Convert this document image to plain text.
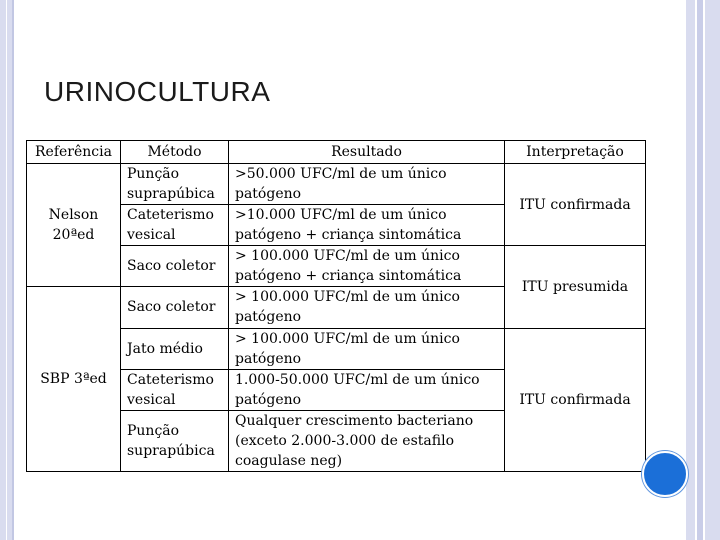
URINOCULTURA
Referência	Método	Resultado	Interpretação
Nelson 20ªed	Punção suprapúbica	>50.000 UFC/ml de um único patógeno	ITU confirmada
	Cateterismo vesical	>10.000 UFC/ml de um único patógeno + criança sintomática	
	Saco coletor	> 100.000 UFC/ml de um único patógeno + criança sintomática	ITU presumida
SBP 3ªed	Saco coletor	> 100.000 UFC/ml de um único patógeno	
	Jato médio	> 100.000 UFC/ml de um único patógeno	ITU confirmada
	Cateterismo vesical	1.000-50.000 UFC/ml de um único patógeno	
	Punção suprapúbica	Qualquer crescimento bacteriano (exceto 2.000-3.000 de estafilo coagulase neg)	
